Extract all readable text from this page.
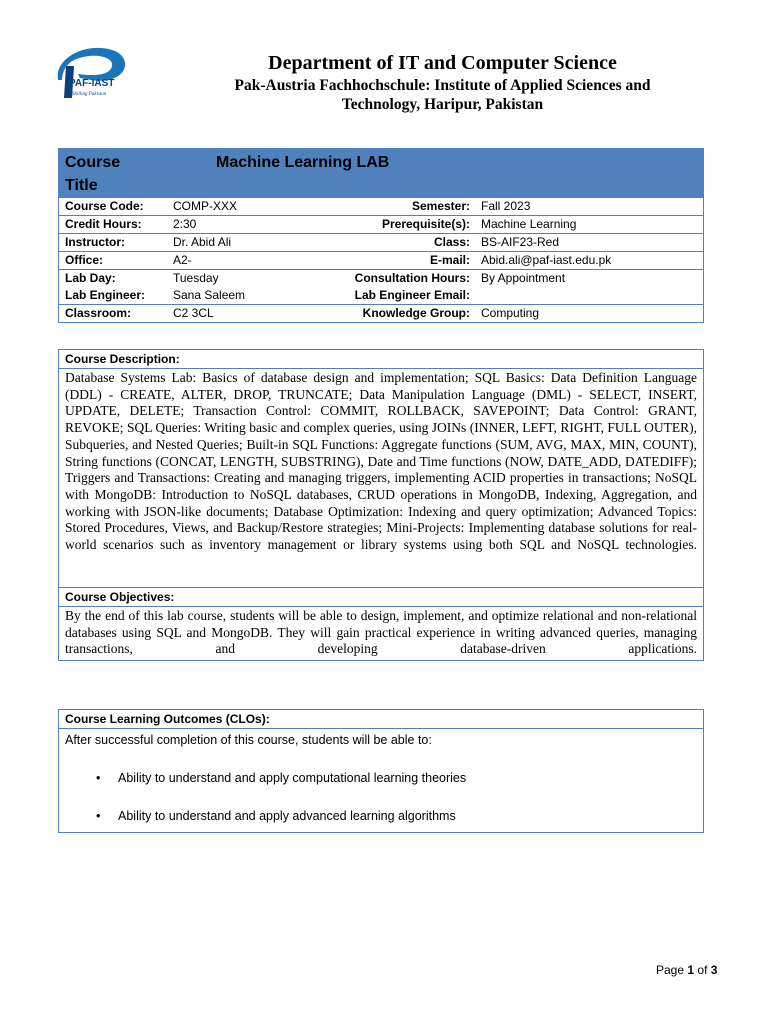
PAF-IAST
Shilling Pakistan
Department of IT and Computer Science
Pak-Austria Fachhochschule: Institute of Applied Sciences and
Technology, Haripur, Pakistan
Course Title
Machine Learning LAB
Course Code:	COMP-XXX	Semester: Fall 2023
Credit Hours:	2:30	Prerequisite(s): Machine Learning
Instructor:	Dr. Abid Ali	Class: BS-AIF23-Red
Office:	A2-	E-mail: Abid.ali@paf-iast.edu.pk
Lab Day:	Tuesday	Consultation Hours: By Appointment
Lab Engineer:	Sana Saleem	Lab Engineer Email:
Classroom:	C2 3CL	Knowledge Group: Computing
Course Description:
Database Systems Lab: Basics of database design and implementation; SQL Basics: Data Definition Language (DDL) - CREATE, ALTER, DROP, TRUNCATE; Data Manipulation Language (DML) - SELECT, INSERT, UPDATE, DELETE; Transaction Control: COMMIT, ROLLBACK, SAVEPOINT; Data Control: GRANT, REVOKE; SQL Queries: Writing basic and complex queries, using JOINs (INNER, LEFT, RIGHT, FULL OUTER), Subqueries, and Nested Queries; Built-in SQL Functions: Aggregate functions (SUM, AVG, MAX, MIN, COUNT), String functions (CONCAT, LENGTH, SUBSTRING), Date and Time functions (NOW, DATE_ADD, DATEDIFF); Triggers and Transactions: Creating and managing triggers, implementing ACID properties in transactions; NoSQL with MongoDB: Introduction to NoSQL databases, CRUD operations in MongoDB, Indexing, Aggregation, and working with JSON-like documents; Database Optimization: Indexing and query optimization; Advanced Topics: Stored Procedures, Views, and Backup/Restore strategies; Mini-Projects: Implementing database solutions for real-world scenarios such as inventory management or library systems using both SQL and NoSQL technologies.
Course Objectives:
By the end of this lab course, students will be able to design, implement, and optimize relational and non-relational databases using SQL and MongoDB. They will gain practical experience in writing advanced queries, managing transactions, and developing database-driven applications.
Course Learning Outcomes (CLOs):
After successful completion of this course, students will be able to:
• Ability to understand and apply computational learning theories
• Ability to understand and apply advanced learning algorithms
Page 1 of 3
